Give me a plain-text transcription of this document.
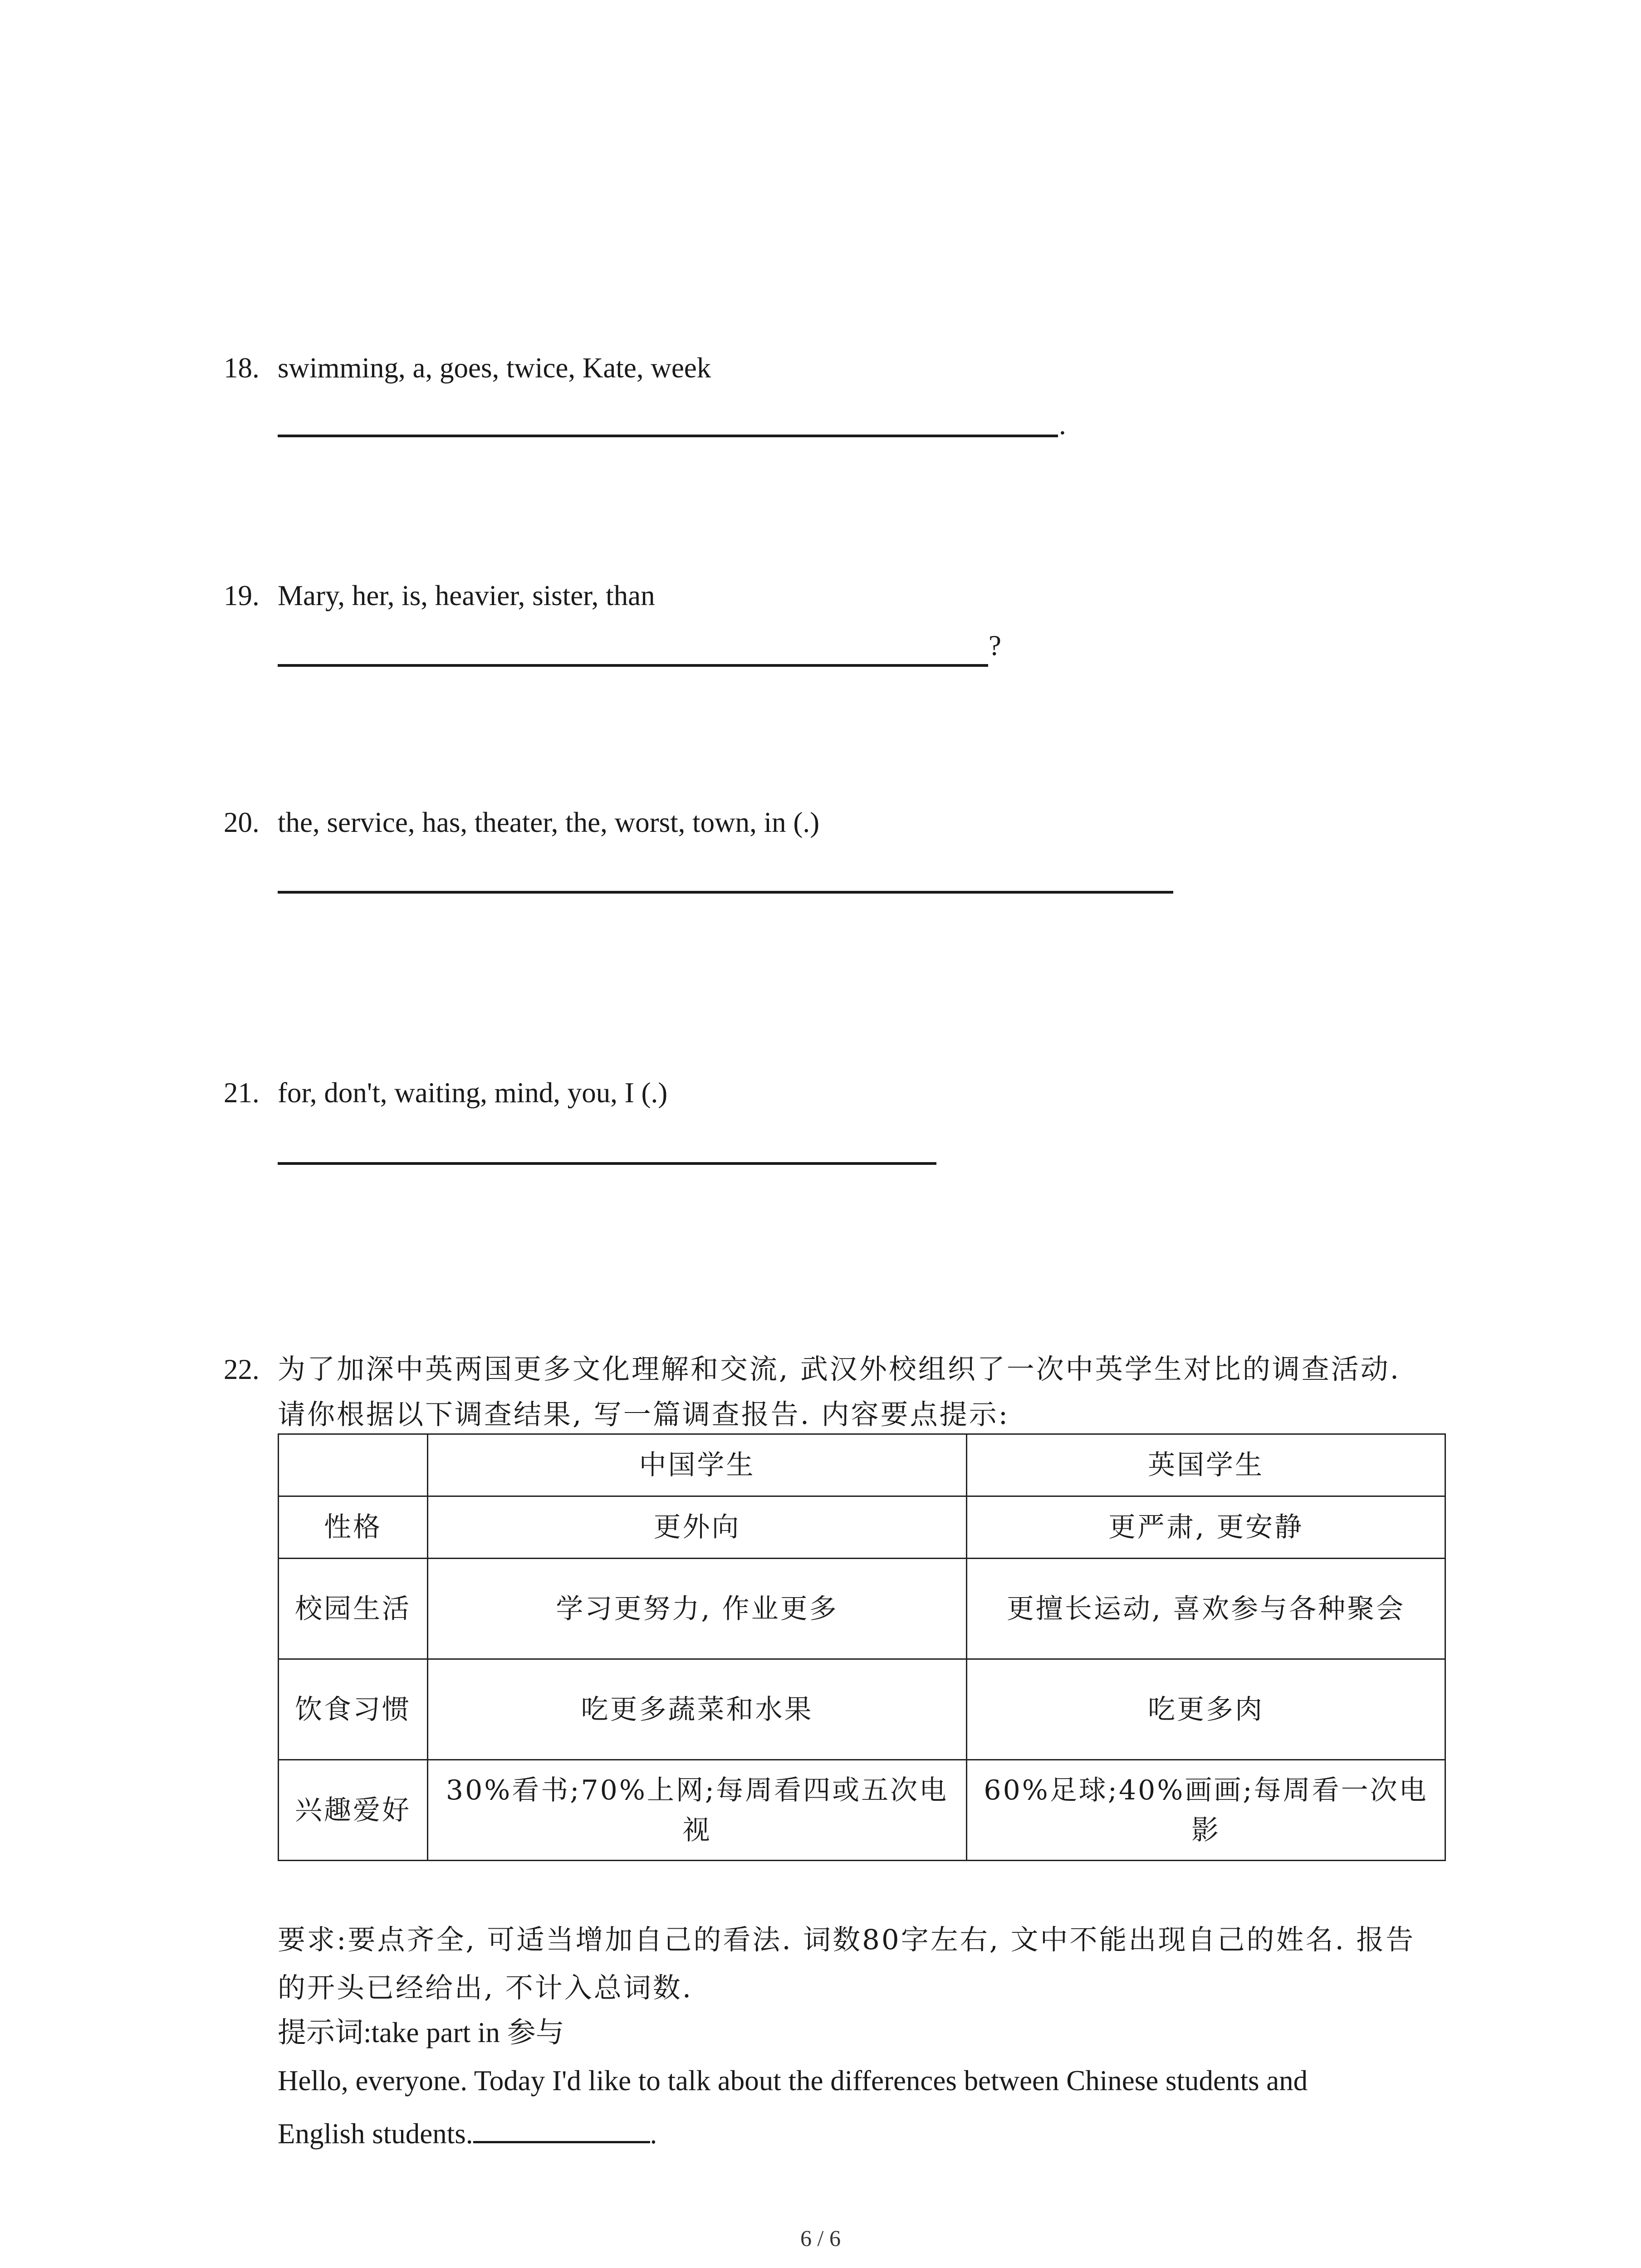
18. swimming, a, goes, twice, Kate, week
.
19. Mary, her, is, heavier, sister, than
?
20. the, service, has, theater, the, worst, town, in (.)
21. for, don't, waiting, mind, you, I (.)
22. 为了加深中英两国更多文化理解和交流, 武汉外校组织了一次中英学生对比的调查活动.
请你根据以下调查结果, 写一篇调查报告. 内容要点提示:
	中国学生	英国学生
性格	更外向	更严肃, 更安静
校园生活	学习更努力, 作业更多	更擅长运动, 喜欢参与各种聚会
饮食习惯	吃更多蔬菜和水果	吃更多肉
兴趣爱好	30%看书;70%上网;每周看四或五次电视	60%足球;40%画画;每周看一次电影
要求:要点齐全, 可适当增加自己的看法. 词数80字左右, 文中不能出现自己的姓名. 报告
的开头已经给出, 不计入总词数.
提示词:take part in 参与
Hello, everyone. Today I'd like to talk about the differences between Chinese students and
English students.	.
6 / 6
